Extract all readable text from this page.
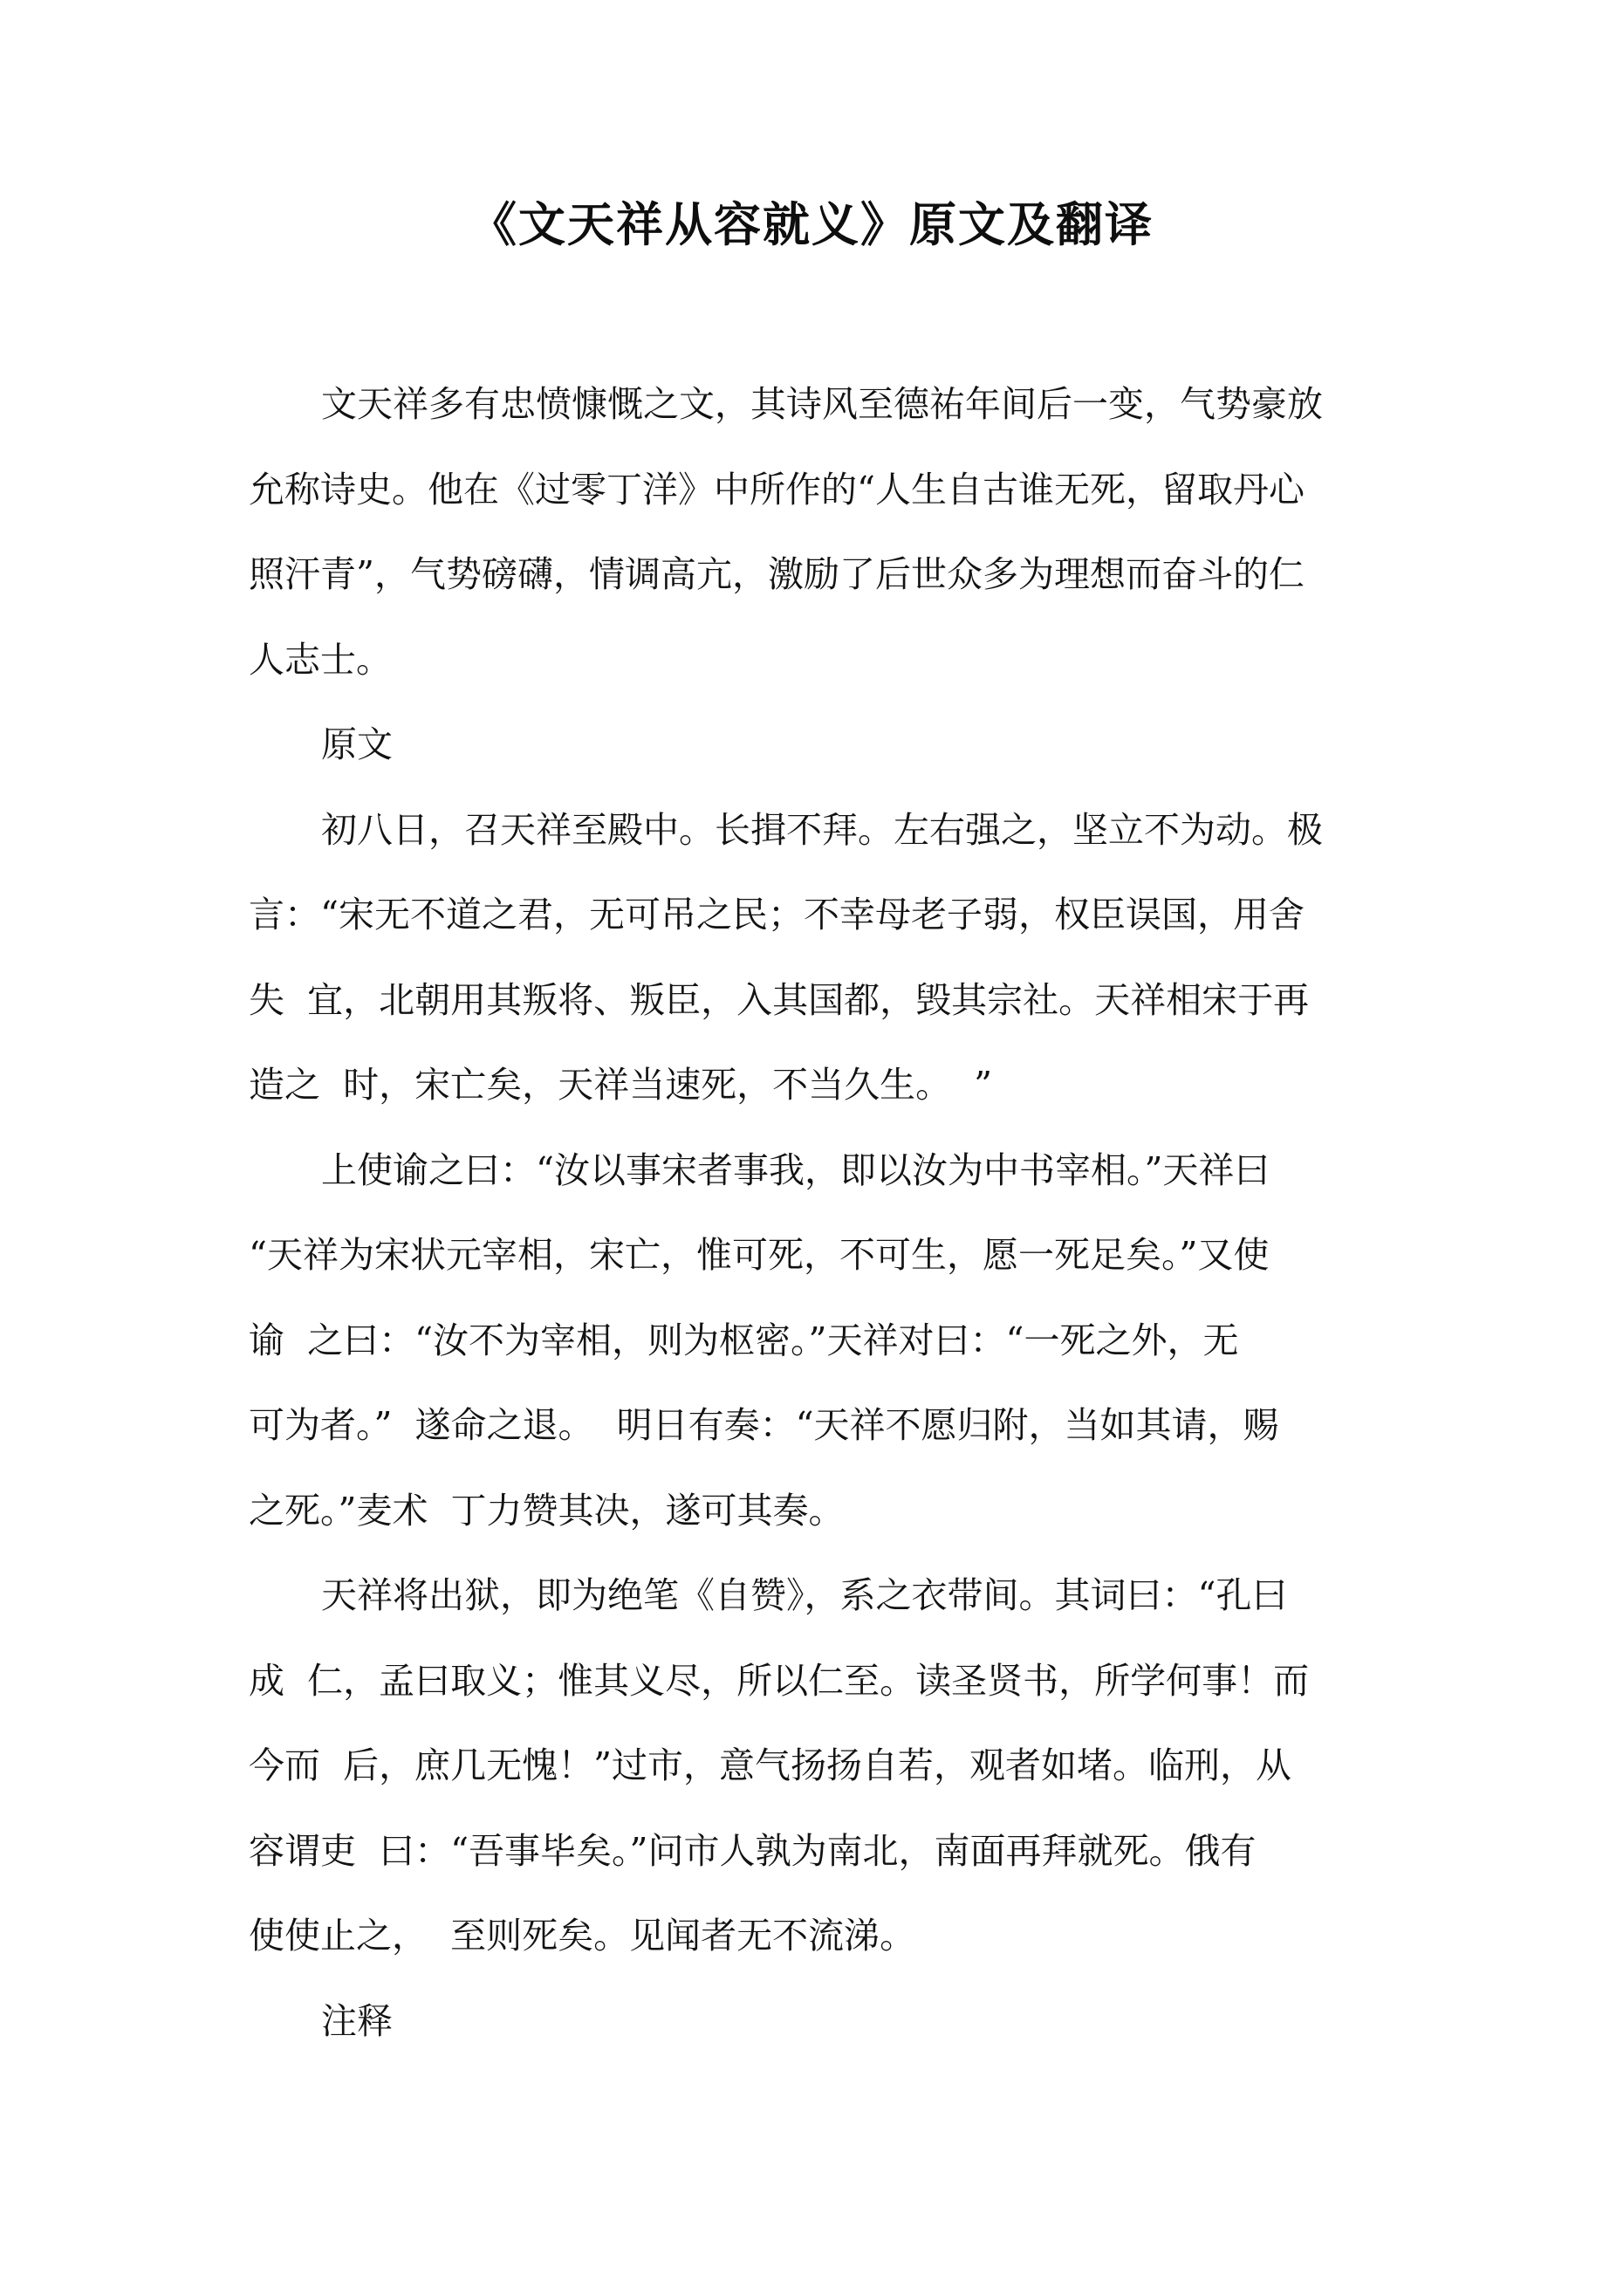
《文天祥从容就义》原文及翻译

文天祥多有忠愤慷慨之文，其诗风至德祐年间后一变，气势豪放

允称诗史。他在《过零丁洋》中所作的“人生自古谁无死，留取丹心

照汗青”，气势磅礴，情调高亢，激励了后世众多为理想而奋斗的仁

人志士。

原文

初八日，召天祥至殿中。长揖不拜。左右强之，坚立不为动。极

言：“宋无不道之君，无可吊之民；不幸母老子弱，权臣误国，用舍

失  宜，北朝用其叛将、叛臣，入其国都，毁其宗社。天祥相宋于再

造之  时，宋亡矣，天祥当速死，不当久生。  ”

上使谕之曰：“汝以事宋者事我，即以汝为中书宰相。”天祥曰

“天祥为宋状元宰相，宋亡，惟可死，不可生，愿一死足矣。”又使

谕  之曰：“汝不为宰相，则为枢密。”天祥对曰：“一死之外，无

可为者。”  遂命之退。  明日有奏：“天祥不愿归附，当如其请，赐

之死。”麦术  丁力赞其决，遂可其奏。

天祥将出狱，即为绝笔《自赞》，系之衣带间。其词曰：“孔曰

成  仁，孟曰取义；惟其义尽，所以仁至。读圣贤书，所学何事！而

今而  后，庶几无愧！”过市，意气扬扬自若，观者如堵。临刑，从

容谓吏  曰：“吾事毕矣。”问市人孰为南北，南面再拜就死。俄有

使使止之，  至则死矣。见闻者无不流涕。

注释
